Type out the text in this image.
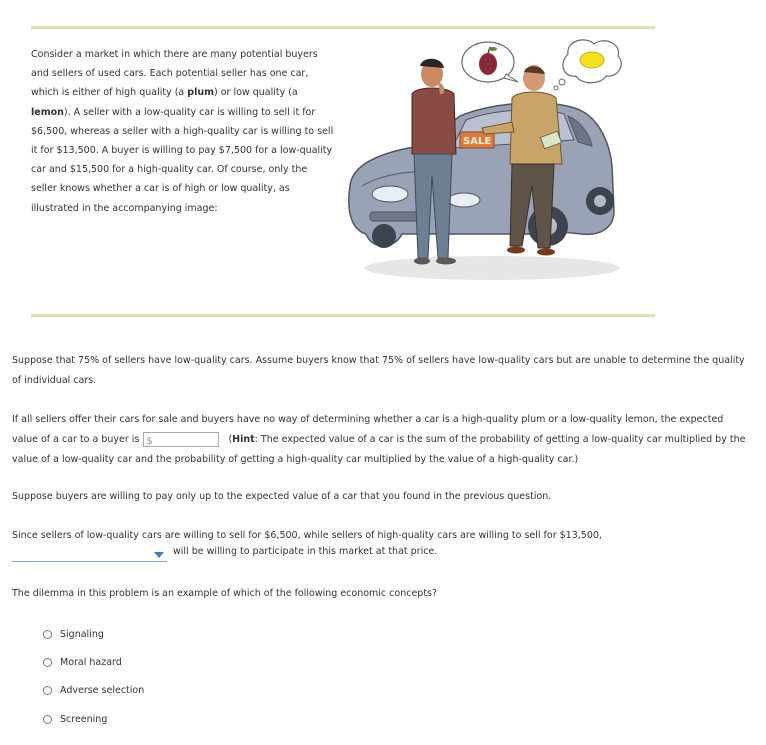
Consider a market in which there are many potential buyers and sellers of used cars. Each potential seller has one car, which is either of high quality (a plum) or low quality (a lemon). A seller with a low-quality car is willing to sell it for $6,500, whereas a seller with a high-quality car is willing to sell it for $13,500. A buyer is willing to pay $7,500 for a low-quality car and $15,500 for a high-quality car. Of course, only the seller knows whether a car is of high or low quality, as illustrated in the accompanying image:

SALE

Suppose that 75% of sellers have low-quality cars. Assume buyers know that 75% of sellers have low-quality cars but are unable to determine the quality of individual cars.

If all sellers offer their cars for sale and buyers have no way of determining whether a car is a high-quality plum or a low-quality lemon, the expected value of a car to a buyer is $	(Hint: The expected value of a car is the sum of the probability of getting a low-quality car multiplied by the value of a low-quality car and the probability of getting a high-quality car multiplied by the value of a high-quality car.)

Suppose buyers are willing to pay only up to the expected value of a car that you found in the previous question.

Since sellers of low-quality cars are willing to sell for $6,500, while sellers of high-quality cars are willing to sell for $13,500,

will be willing to participate in this market at that price.

The dilemma in this problem is an example of which of the following economic concepts?

Signaling
Moral hazard
Adverse selection
Screening
